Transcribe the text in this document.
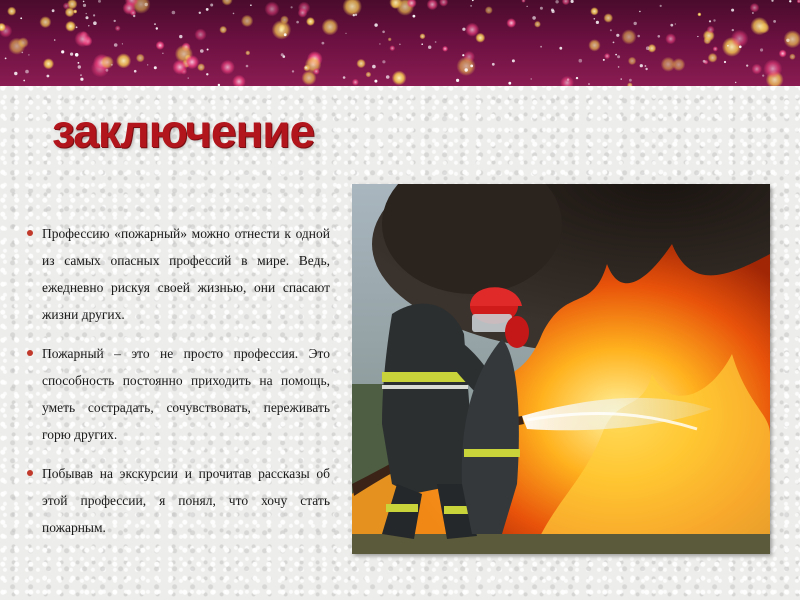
заключение

Профессию «пожарный» можно отнести к одной из самых опасных профессий в мире. Ведь, ежедневно рискуя своей жизнью, они спасают жизни других.

Пожарный – это не просто профессия. Это способность постоянно приходить на помощь, уметь сострадать, сочувствовать, переживать горю других.

Побывав на экскурсии и прочитав рассказы об этой профессии, я понял, что хочу стать пожарным.
